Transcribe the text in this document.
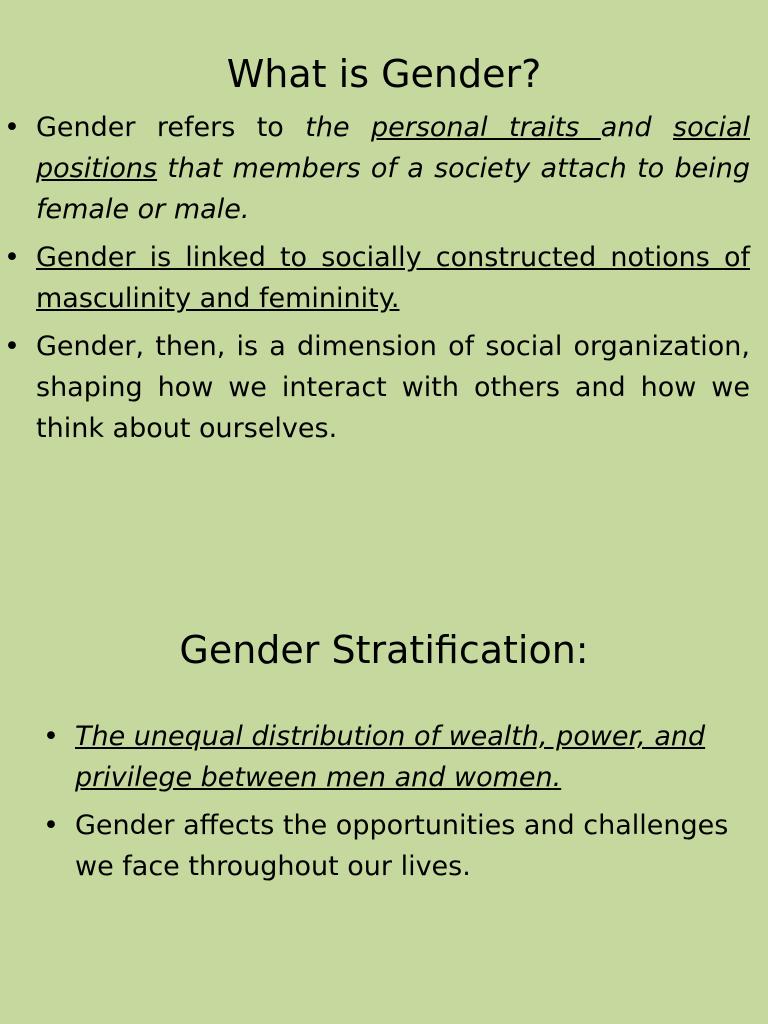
What is Gender?
• Gender refers to the personal traits and social positions that members of a society attach to being female or male.
• Gender is linked to socially constructed notions of masculinity and femininity.
• Gender, then, is a dimension of social organization, shaping how we interact with others and how we think about ourselves.
Gender Stratification:
• The unequal distribution of wealth, power, and privilege between men and women.
• Gender affects the opportunities and challenges we face throughout our lives.
